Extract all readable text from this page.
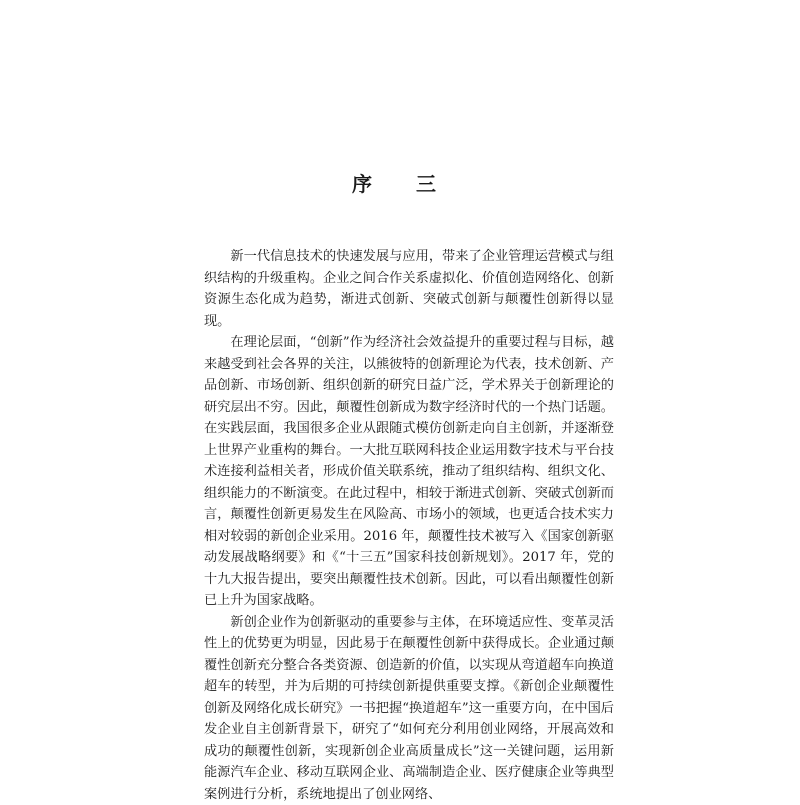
序　三

新一代信息技术的快速发展与应用，带来了企业管理运营模式与组织结构的升级重构。企业之间合作关系虚拟化、价值创造网络化、创新资源生态化成为趋势，渐进式创新、突破式创新与颠覆性创新得以显现。

在理论层面，“创新”作为经济社会效益提升的重要过程与目标，越来越受到社会各界的关注，以熊彼特的创新理论为代表，技术创新、产品创新、市场创新、组织创新的研究日益广泛，学术界关于创新理论的研究层出不穷。因此，颠覆性创新成为数字经济时代的一个热门话题。在实践层面，我国很多企业从跟随式模仿创新走向自主创新，并逐渐登上世界产业重构的舞台。一大批互联网科技企业运用数字技术与平台技术连接利益相关者，形成价值关联系统，推动了组织结构、组织文化、组织能力的不断演变。在此过程中，相较于渐进式创新、突破式创新而言，颠覆性创新更易发生在风险高、市场小的领域，也更适合技术实力相对较弱的新创企业采用。2016 年，颠覆性技术被写入《国家创新驱动发展战略纲要》和《“十三五”国家科技创新规划》。2017 年，党的十九大报告提出，要突出颠覆性技术创新。因此，可以看出颠覆性创新已上升为国家战略。

新创企业作为创新驱动的重要参与主体，在环境适应性、变革灵活性上的优势更为明显，因此易于在颠覆性创新中获得成长。企业通过颠覆性创新充分整合各类资源、创造新的价值，以实现从弯道超车向换道超车的转型，并为后期的可持续创新提供重要支撑。《新创企业颠覆性创新及网络化成长研究》一书把握“换道超车”这一重要方向，在中国后发企业自主创新背景下，研究了“如何充分利用创业网络，开展高效和成功的颠覆性创新，实现新创企业高质量成长”这一关键问题，运用新能源汽车企业、移动互联网企业、高端制造企业、医疗健康企业等典型案例进行分析，系统地提出了创业网络、
